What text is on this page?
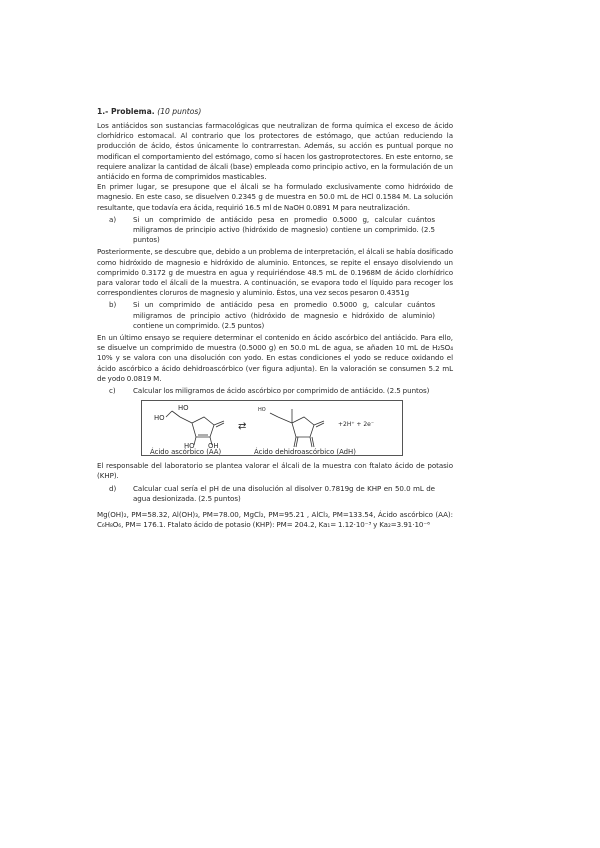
1.- Problema. (10 puntos)

Los antiácidos son sustancias farmacológicas que neutralizan de forma química el exceso de ácido clorhídrico estomacal. Al contrario que los protectores de estómago, que actúan reduciendo la producción de ácido, éstos únicamente lo contrarrestan. Además, su acción es puntual porque no modifican el comportamiento del estómago, como sí hacen los gastroprotectores. En este entorno, se requiere analizar la cantidad de álcali (base) empleada como principio activo, en la formulación de un antiácido en forma de comprimidos masticables.

En primer lugar, se presupone que el álcali se ha formulado exclusivamente como hidróxido de magnesio. En este caso, se disuelven 0.2345 g de muestra en 50.0 mL de HCl 0.1584 M. La solución resultante, que todavía era ácida, requirió 16.5 ml de NaOH 0.0891 M para neutralización.

a)	Si un comprimido de antiácido pesa en promedio 0.5000 g, calcular cuántos miligramos de principio activo (hidróxido de magnesio) contiene un comprimido. (2.5 puntos)

Posteriormente, se descubre que, debido a un problema de interpretación, el álcali se había dosificado como hidróxido de magnesio e hidróxido de aluminio. Entonces, se repite el ensayo disolviendo un comprimido 0.3172 g de muestra en agua y requiriéndose 48.5 mL de 0.1968M de ácido clorhídrico para valorar todo el álcali de la muestra. A continuación, se evapora todo el líquido para recoger los correspondientes cloruros de magnesio y aluminio. Éstos, una vez secos pesaron 0.4351g

b)	Si un comprimido de antiácido pesa en promedio 0.5000 g, calcular cuántos miligramos de principio activo (hidróxido de magnesio e hidróxido de aluminio) contiene un comprimido. (2.5 puntos)

En un último ensayo se requiere determinar el contenido en ácido ascórbico del antiácido. Para ello, se disuelve un comprimido de muestra (0.5000 g) en 50.0 mL de agua, se añaden 10 mL de H₂SO₄ 10% y se valora con una disolución con yodo. En estas condiciones el yodo se reduce oxidando el ácido ascórbico a ácido dehidroascórbico (ver figura adjunta). En la valoración se consumen 5.2 mL de yodo 0.0819 M.

c)	Calcular los miligramos de ácido ascórbico por comprimido de antiácido. (2.5 puntos)

HO
HO
HO OH
Ácido ascórbico (AA)
⇄
HO
Ácido dehidroascórbico (AdH)
+2H⁺ + 2e⁻

El responsable del laboratorio se plantea valorar el álcali de la muestra con ftalato ácido de potasio (KHP).

d)	Calcular cual sería el pH de una disolución al disolver 0.7819g de KHP en 50.0 mL de agua desionizada. (2.5 puntos)

Mg(OH)₂, PM=58.32, Al(OH)₃, PM=78.00, MgCl₂, PM=95.21 , AlCl₃, PM=133.54, Ácido ascórbico (AA): C₆H₈O₆, PM= 176.1. Ftalato ácido de potasio (KHP): PM= 204.2, Ka₁= 1.12·10⁻³ y Ka₂=3.91·10⁻⁶
